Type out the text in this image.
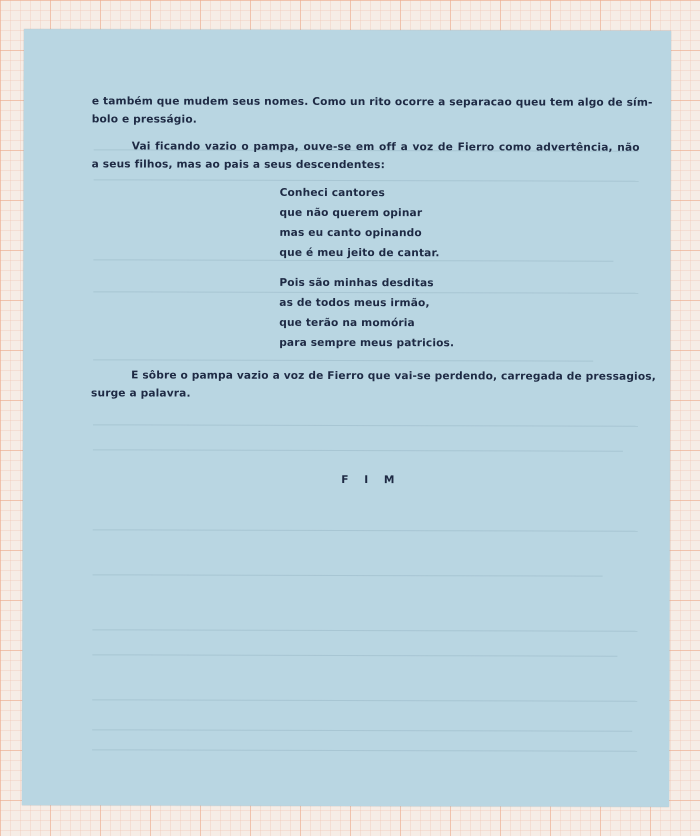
e também que mudem seus nomes. Como un rito ocorre a separacao queu tem algo de sím-
bolo e presságio.

Vai ficando vazio o pampa, ouve-se em off a voz de Fierro como advertência, não
a seus filhos, mas ao pais a seus descendentes:

Conheci cantores
que não querem opinar
mas eu canto opinando
que é meu jeito de cantar.
Pois são minhas desditas
as de todos meus irmão,
que terão na momória
para sempre meus patricios.

E sôbre o pampa vazio a voz de Fierro que vai-se perdendo, carregada de pressagios,
surge a palavra.

F I M
